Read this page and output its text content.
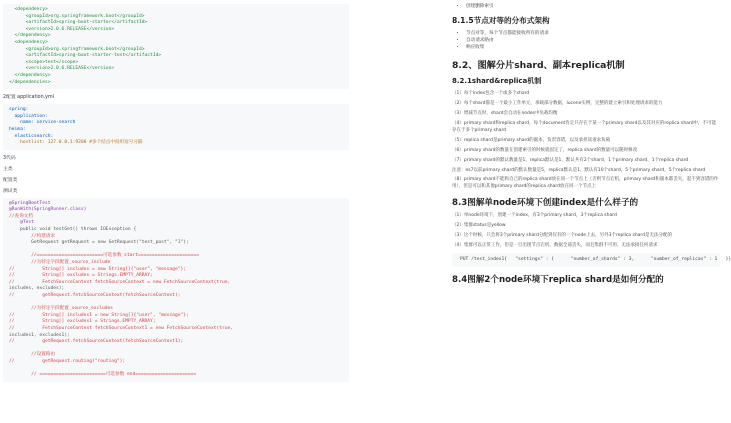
<dependency>
<groupId>org.springframework.boot</groupId>
<artifactId>spring-boot-starter</artifactId>
<version>2.0.6.RELEASE</version>
</dependency>
<dependency>
<groupId>org.springframework.boot</groupId>
<artifactId>spring-boot-starter-test</artifactId>
<scope>test</scope>
<version>2.0.6.RELEASE</version>
</dependency>
</dependencies>
2配置 application.yml
spring:
application:
name: service-search
heima:
elasticsearch:
hostlist: 127.0.0.1:9200 #多个结点中间用逗号分隔
3代码
主类
配置类
测试类
@SpringBootTest
@RunWith(SpringRunner.class)
//查询文档
@Test
public void testGet() throws IOException {
//构建请求
GetRequest getRequest = new GetRequest("test_post", "1");

//========================可选参数 start======================
//为特定字段配置_source_include
//          String[] includes = new String[]{"user", "message"};
//          String[] excludes = Strings.EMPTY_ARRAY;
//          FetchSourceContext fetchSourceContext = new FetchSourceContext(true,
includes, excludes);
//          getRequest.fetchSourceContext(fetchSourceContext);

//为特定字段配置_source_excludes
//          String[] includes1 = new String[]{"user", "message"};
//          String[] excludes1 = Strings.EMPTY_ARRAY;
//          FetchSourceContext fetchSourceContext1 = new FetchSourceContext(true,
includes1, excludes1);
//          getRequest.fetchSourceContext(fetchSourceContext1);

//设置路由
//          getRequest.routing("routing");

// ========================可选参数 end======================
• 创建删除索引
8.1.5节点对等的分布式架构
• 节点对等，每个节点都能接收所有的请求
• 自动请求路由
• 响应收集
8.2、图解分片shard、副本replica机制
8.2.1shard&replica机制

（1）每个index包含一个或多个shard

（2）每个shard都是一个最小工作单元，承载部分数据，lucene实例，完整的建立索引和处理请求的能力

（3）增减节点时，shard会自动在nodes中负载均衡

（4）primary shard和replica shard，每个document肯定只存在于某一个primary shard以及其对应的replica shard中，不可能存在于多个primary shard

（5）replica shard是primary shard的副本，负责容错，以及承担读请求负载

（6）primary shard的数量在创建索引的时候就固定了，replica shard的数量可以随时修改

（7）primary shard的默认数量是1，replica默认是1，默认共有2个shard，1个primary shard，1个replica shard

注意：es7以前primary shard的默认数量是5，replica默认是1，默认有10个shard，5个primary shard，5个replica shard
（8）primary shard不能和自己的replica shard放在同一个节点上（否则节点宕机，primary shard和副本都丢失，起不到容错的作用），但是可以和其他primary shard的replica shard放在同一个节点上
8.3图解单node环境下创建index是什么样子的

（1）单node环境下，创建一个index，有3个primary shard，3个replica shard

（2）集群status是yellow

（3）这个时候，只会将3个primary shard分配到仅有的一个node上去，另外3个replica shard是无法分配的

（4）集群可以正常工作，但是一旦出现节点宕机，数据全部丢失，而且集群不可用，无法承接任何请求

PUT /test_index1{   "settings" : {      "number_of_shards" : 3,      "number_of_replicas" : 1   }}
8.4图解2个node环境下replica shard是如何分配的
